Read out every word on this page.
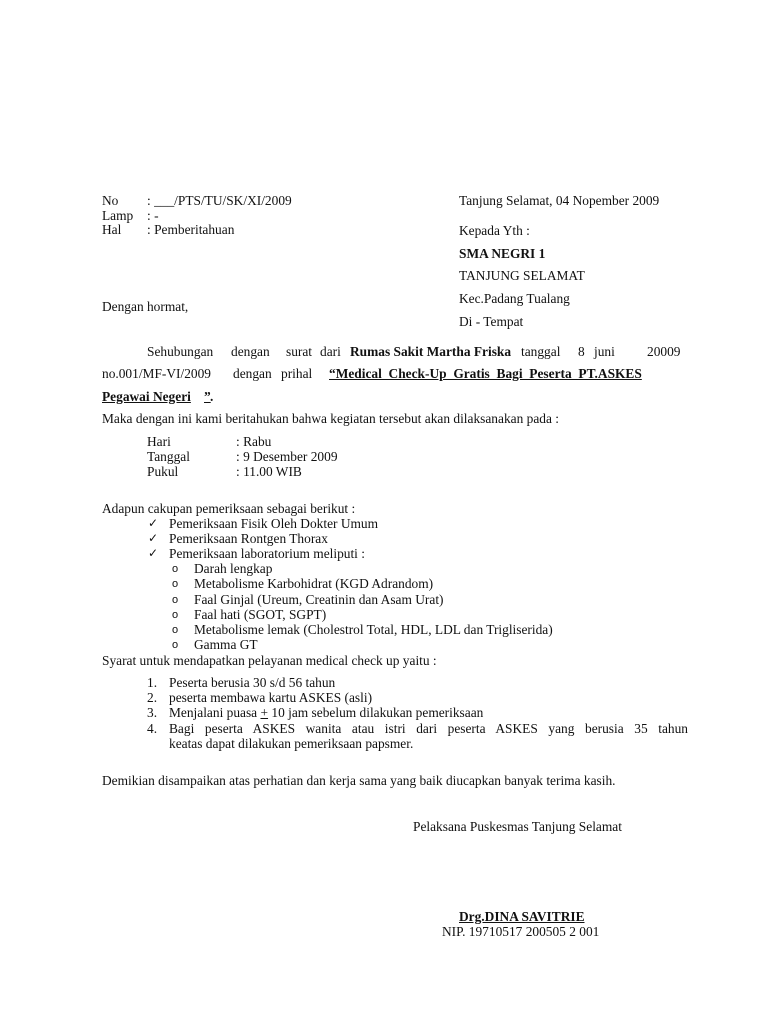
No : ___/PTS/TU/SK/XI/2009
Lamp : -
Hal : Pemberitahuan
Tanjung Selamat, 04 Nopember 2009
Kepada Yth :
SMA NEGRI 1
TANJUNG SELAMAT
Kec.Padang Tualang
Di - Tempat
Dengan hormat,
Sehubungan dengan surat dari Rumas Sakit Martha Friska tanggal 8 juni 20009
no.001/MF-VI/2009 dengan prihal “Medical Check-Up Gratis Bagi Peserta PT.ASKES
Pegawai Negeri ” .
Maka dengan ini kami beritahukan bahwa kegiatan tersebut akan dilaksanakan pada :
Hari	: Rabu
Tanggal	: 9 Desember 2009
Pukul	: 11.00 WIB
Adapun cakupan pemeriksaan sebagai berikut :
✓ Pemeriksaan Fisik Oleh Dokter Umum
✓ Pemeriksaan Rontgen Thorax
✓ Pemeriksaan laboratorium meliputi :
o Darah lengkap
o Metabolisme Karbohidrat (KGD Adrandom)
o Faal Ginjal (Ureum, Creatinin dan Asam Urat)
o Faal hati (SGOT, SGPT)
o Metabolisme lemak (Cholestrol Total, HDL, LDL dan Trigliserida)
o Gamma GT
Syarat untuk mendapatkan pelayanan medical check up yaitu :
1. Peserta berusia 30 s/d 56 tahun
2. peserta membawa kartu ASKES (asli)
3. Menjalani puasa + 10 jam sebelum dilakukan pemeriksaan
4. Bagi peserta ASKES wanita atau istri dari peserta ASKES yang berusia 35 tahun
keatas dapat dilakukan pemeriksaan papsmer.
Demikian disampaikan atas perhatian dan kerja sama yang baik diucapkan banyak terima kasih.
Pelaksana Puskesmas Tanjung Selamat
Drg.DINA SAVITRIE
NIP. 19710517 200505 2 001
